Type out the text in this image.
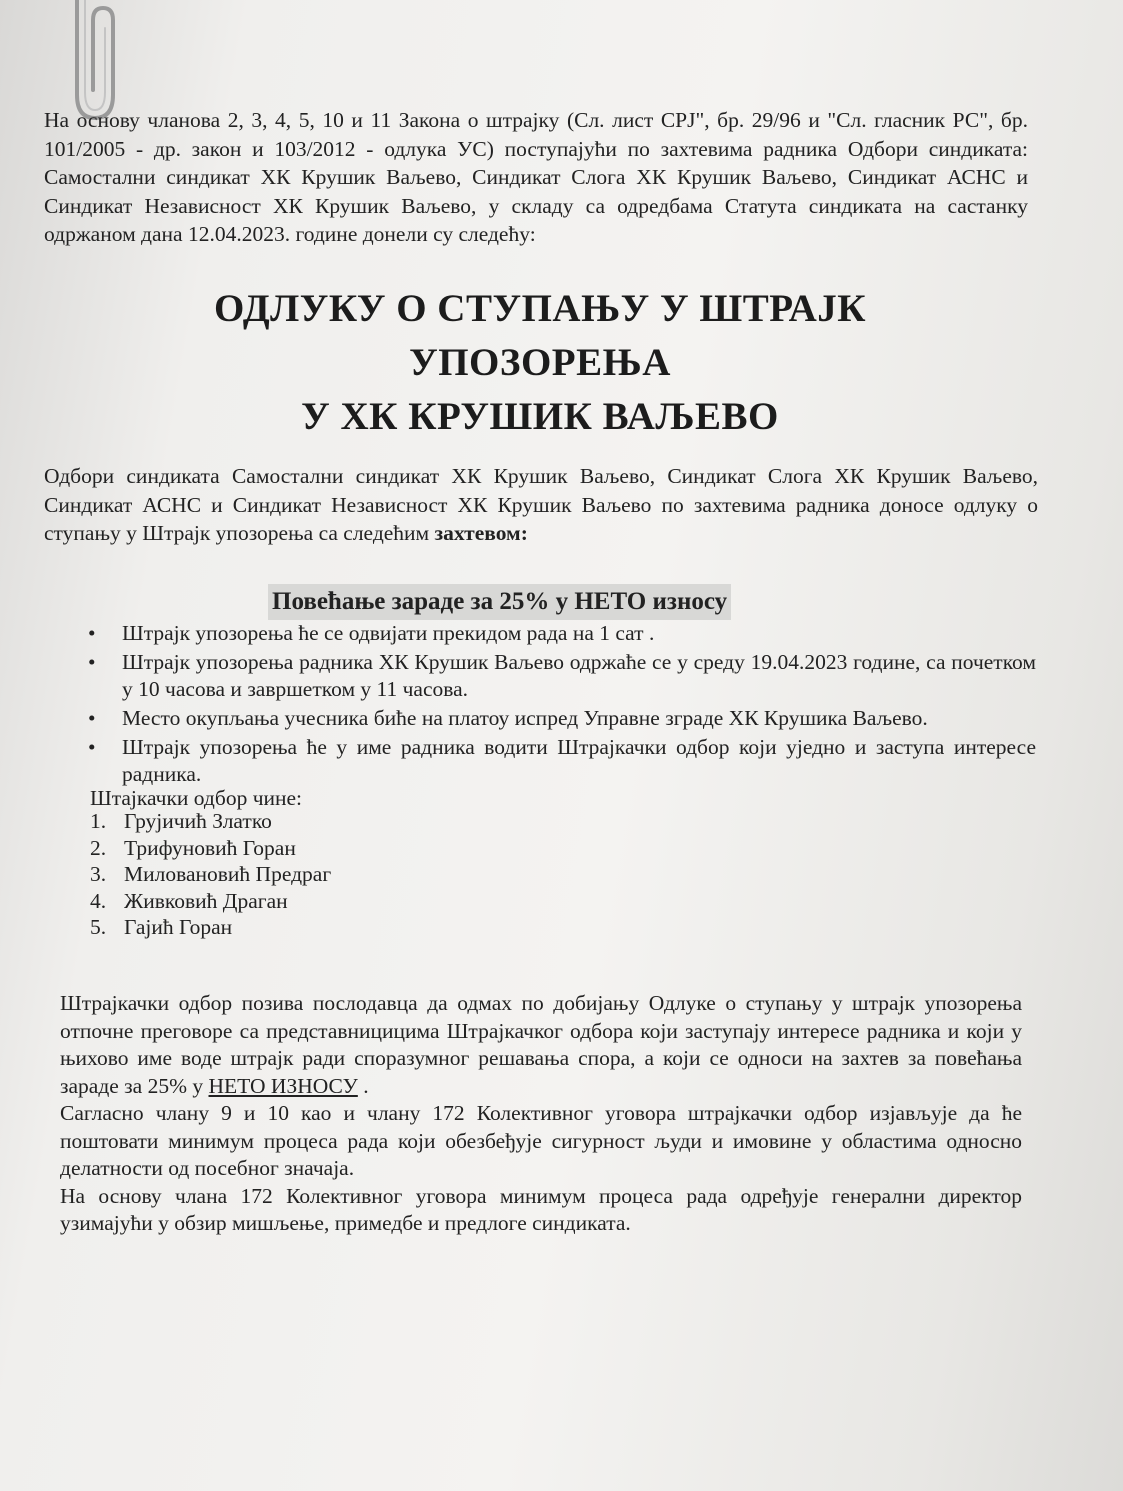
На основу чланова 2, 3, 4, 5, 10 и 11 Закона о штрајку (Сл. лист СРЈ", бр. 29/96 и "Сл. гласник РС", бр. 101/2005 - др. закон и 103/2012 - одлука УС) поступајући по захтевима радника Одбори синдиката: Самостални синдикат ХК Крушик Ваљево, Синдикат Слога ХК Крушик Ваљево, Синдикат АСНС и Синдикат Независност ХК Крушик Ваљево, у складу са одредбама Статута синдиката на састанку одржаном дана 12.04.2023. године донели су следећу:
ОДЛУКУ О СТУПАЊУ У ШТРАЈК
УПОЗОРЕЊА
У ХК КРУШИК ВАЉЕВО
Одбори синдиката Самостални синдикат ХК Крушик Ваљево, Синдикат Слога ХК Крушик Ваљево, Синдикат АСНС и Синдикат Независност ХК Крушик Ваљево по захтевима радника доносе одлуку о ступању у Штрајк упозорења са следећим захтевом:
Повећање зараде за 25% у НЕТО износу
•	Штрајк упозорења ће се одвијати прекидом рада на 1 сат .
•	Штрајк упозорења радника ХК Крушик Ваљево одржаће се у среду 19.04.2023 године, са почетком у 10 часова и завршетком у 11 часова.
•	Место окупљања учесника биће на платоу испред Управне зграде ХК Крушика Ваљево.
•	Штрајк упозорења ће у име радника водити Штрајкачки одбор који уједно и заступа интересе радника.
Штајкачки одбор чине:
1. Грујичић Златко
2. Трифуновић Горан
3. Миловановић Предраг
4. Живковић Драган
5. Гајић Горан

Штрајкачки одбор позива послодавца да одмах по добијању Одлуке о ступању у штрајк упозорења отпочне преговоре са представницицима Штрајкачког одбора који заступају интересе радника и који у њихово име воде штрајк ради споразумног решавања спора, а који се односи на захтев за повећања зараде за 25% у НЕТО ИЗНОСУ .

Сагласно члану 9 и 10 као и члану 172 Колективног уговора штрајкачки одбор изјављује да ће поштовати минимум процеса рада који обезбеђује сигурност људи и имовине у областима односно делатности од посебног значаја.

На основу члана 172 Колективног уговора минимум процеса рада одређује генерални директор узимајући у обзир мишљење, примедбе и предлоге синдиката.
